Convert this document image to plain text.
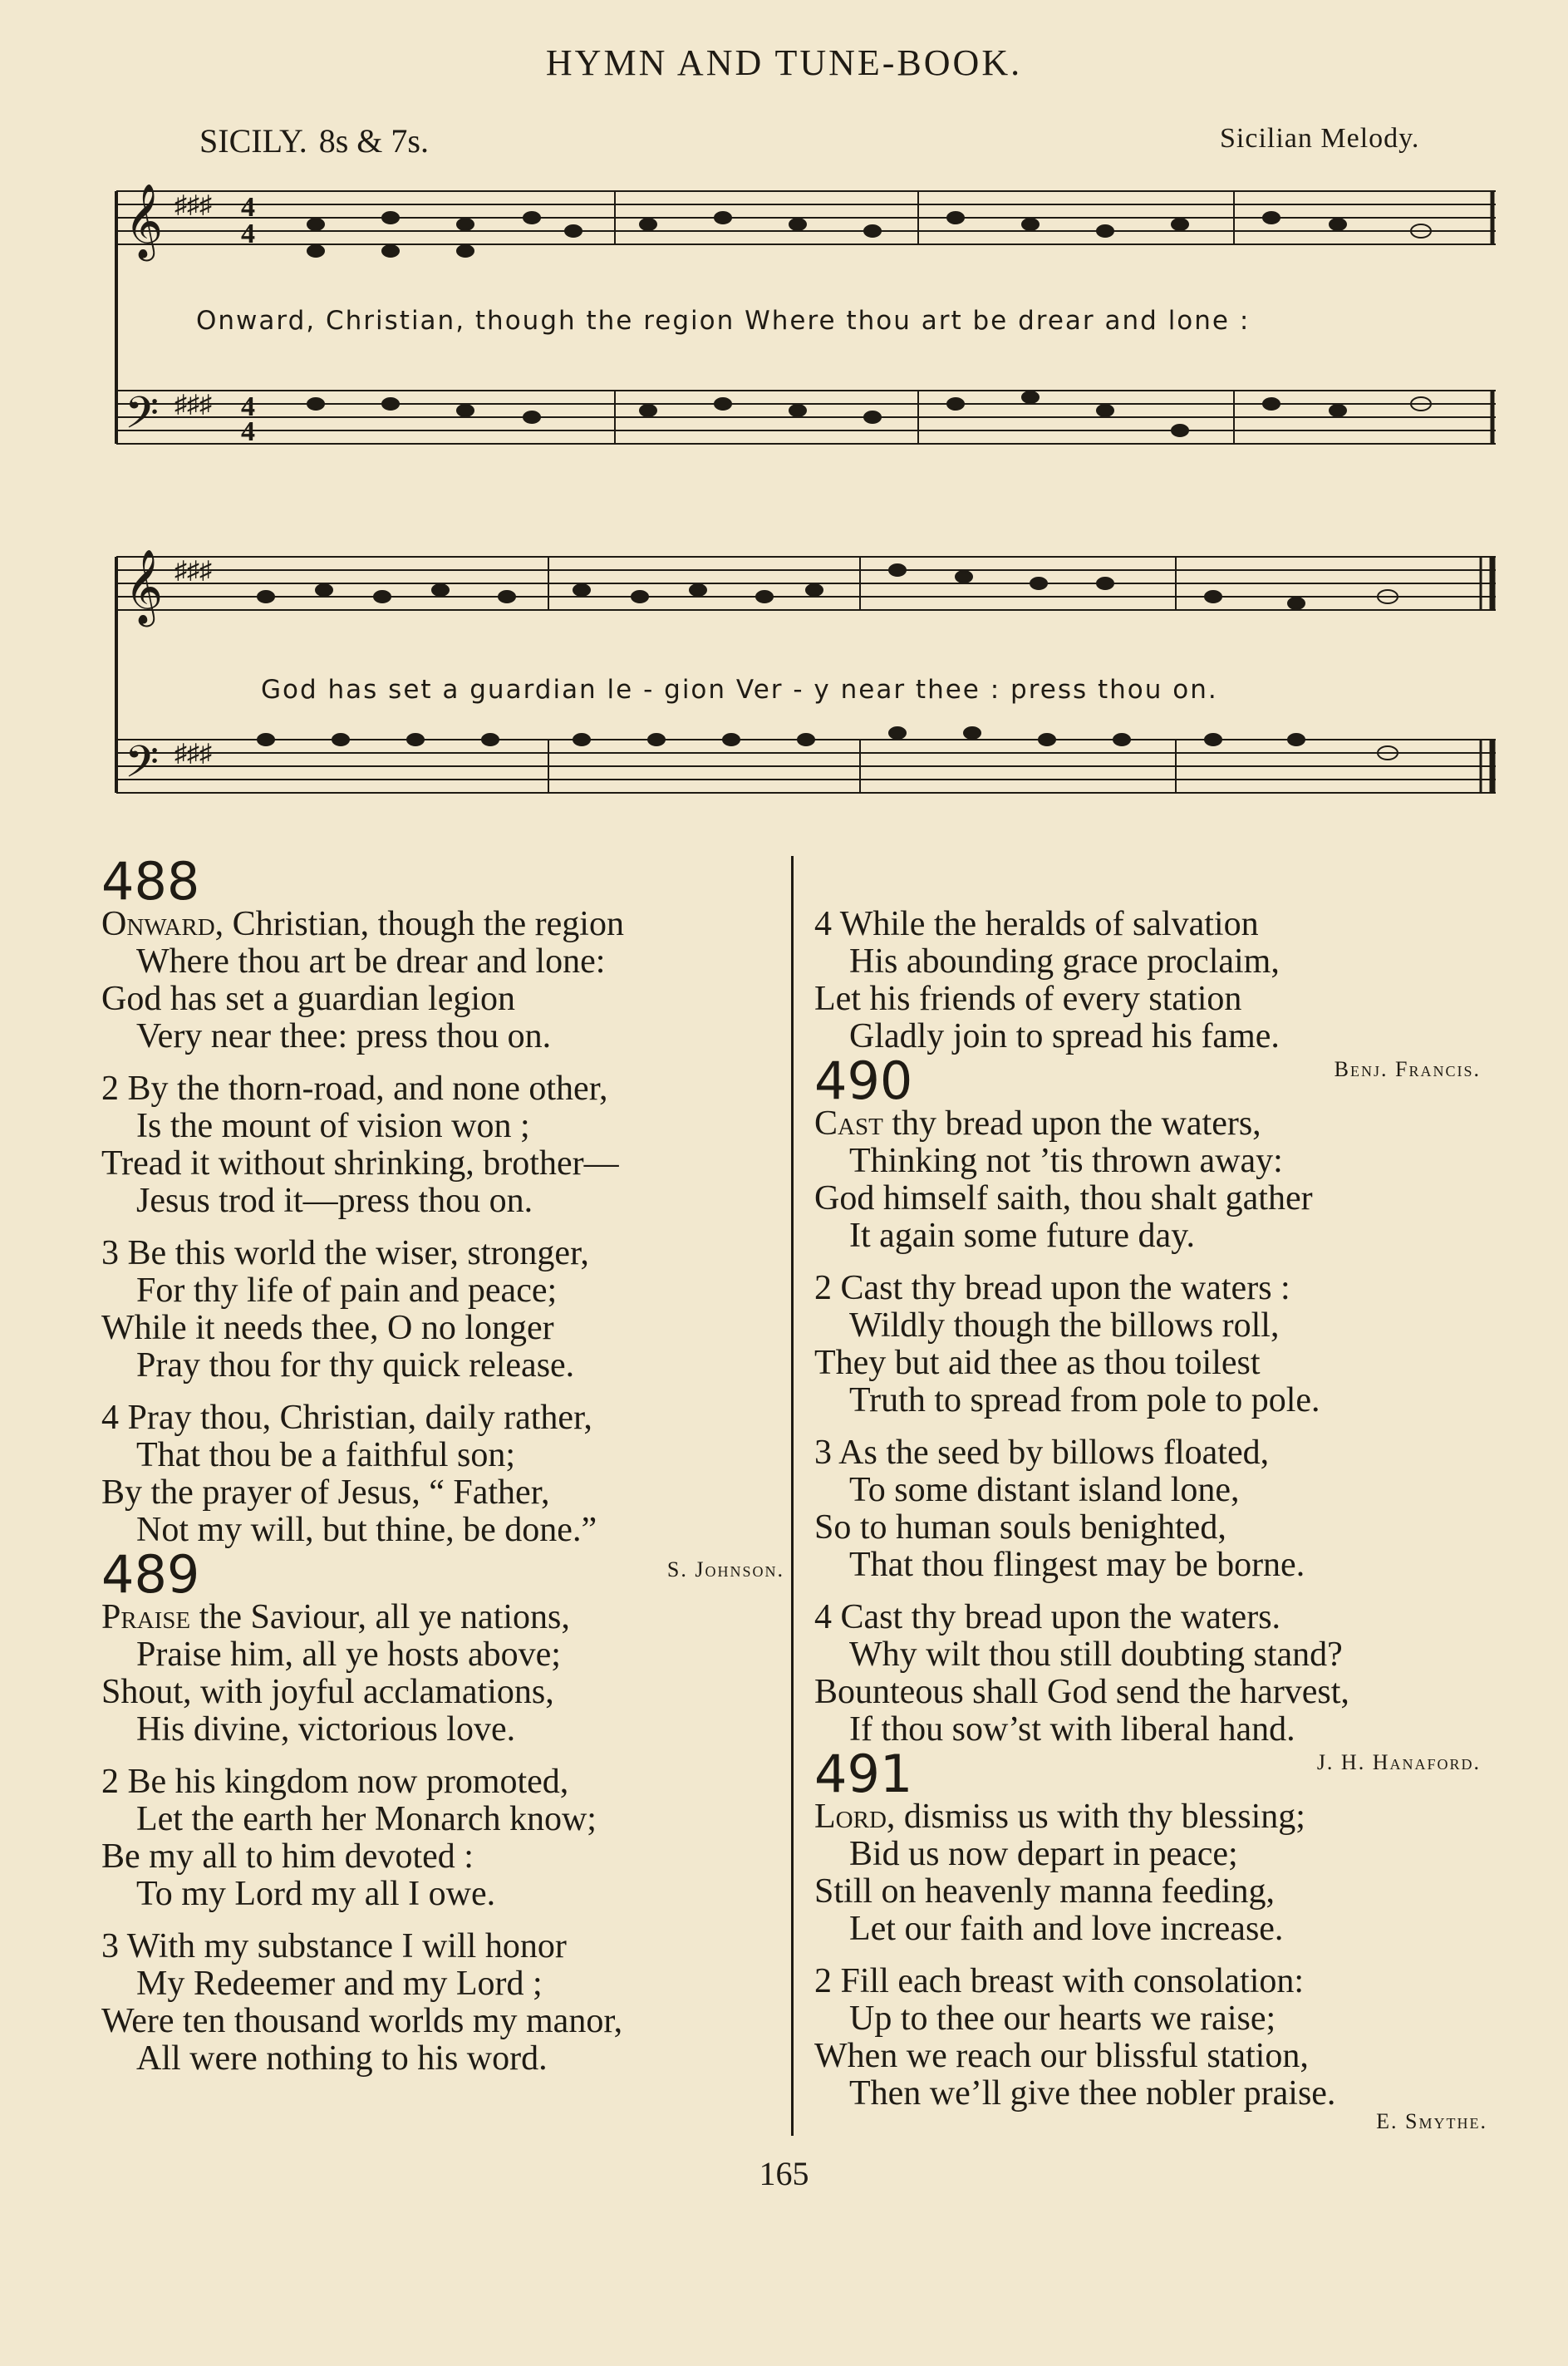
HYMN AND TUNE-BOOK.
SICILY. 8s & 7s.	Sicilian Melody.
𝄞
𝄢
♯♯♯
♯♯♯
4
4
4
4
Onward, Christian, though the region Where thou art be drear and lone :
𝄞
𝄢
♯♯♯
♯♯♯
God has set a guardian le - gion Ver - y near thee : press thou on.
488
Onward, Christian, though the region
Where thou art be drear and lone:
God has set a guardian legion
Very near thee: press thou on.
2 By the thorn-road, and none other,
Is the mount of vision won ;
Tread it without shrinking, brother—
Jesus trod it—press thou on.
3 Be this world the wiser, stronger,
For thy life of pain and peace;
While it needs thee, O no longer
Pray thou for thy quick release.
4 Pray thou, Christian, daily rather,
That thou be a faithful son;
By the prayer of Jesus, “ Father,
Not my will, but thine, be done.”
489	S. Johnson.
Praise the Saviour, all ye nations,
Praise him, all ye hosts above;
Shout, with joyful acclamations,
His divine, victorious love.
2 Be his kingdom now promoted,
Let the earth her Monarch know;
Be my all to him devoted :
To my Lord my all I owe.
3 With my substance I will honor
My Redeemer and my Lord ;
Were ten thousand worlds my manor,
All were nothing to his word.
4 While the heralds of salvation
His abounding grace proclaim,
Let his friends of every station
Gladly join to spread his fame.
490	Benj. Francis.
Cast thy bread upon the waters,
Thinking not ’tis thrown away:
God himself saith, thou shalt gather
It again some future day.
2 Cast thy bread upon the waters :
Wildly though the billows roll,
They but aid thee as thou toilest
Truth to spread from pole to pole.
3 As the seed by billows floated,
To some distant island lone,
So to human souls benighted,
That thou flingest may be borne.
4 Cast thy bread upon the waters.
Why wilt thou still doubting stand?
Bounteous shall God send the harvest,
If thou sow’st with liberal hand.
491	J. H. Hanaford.
Lord, dismiss us with thy blessing;
Bid us now depart in peace;
Still on heavenly manna feeding,
Let our faith and love increase.
2 Fill each breast with consolation:
Up to thee our hearts we raise;
When we reach our blissful station,
Then we’ll give thee nobler praise.
E. Smythe.
165
